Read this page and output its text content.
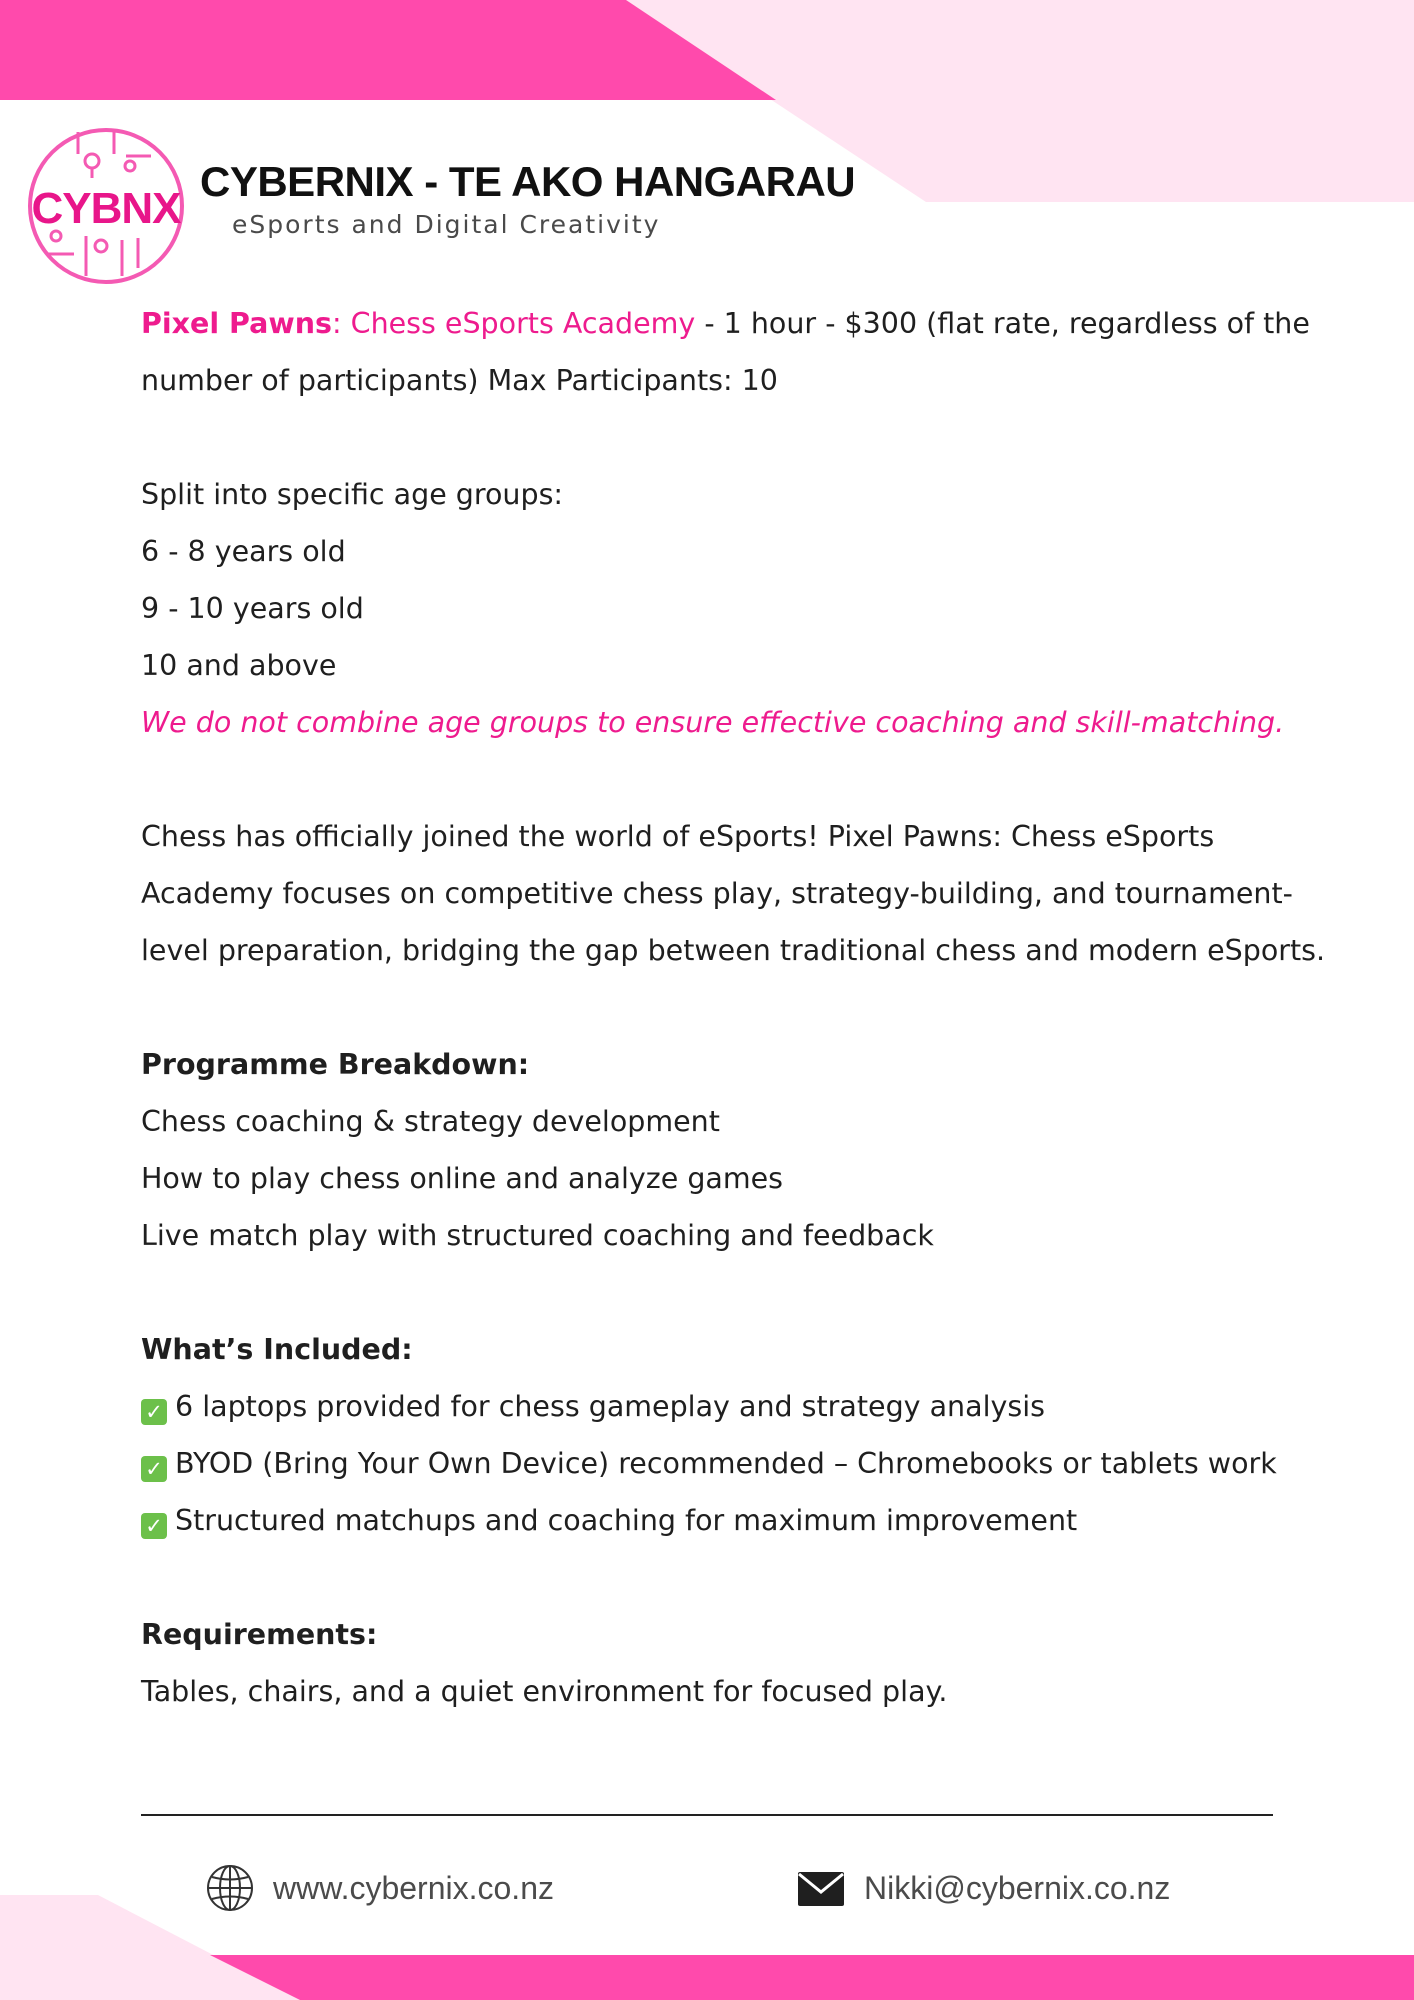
CYBNX
CYBERNIX - TE AKO HANGARAU
eSports and Digital Creativity
Pixel Pawns: Chess eSports Academy - 1 hour - $300 (flat rate, regardless of the
number of participants) Max Participants: 10
Split into specific age groups:
6 - 8 years old
9 - 10 years old
10 and above
We do not combine age groups to ensure effective coaching and skill-matching.
Chess has officially joined the world of eSports! Pixel Pawns: Chess eSports
Academy focuses on competitive chess play, strategy-building, and tournament-
level preparation, bridging the gap between traditional chess and modern eSports.
Programme Breakdown:
Chess coaching & strategy development
How to play chess online and analyze games
Live match play with structured coaching and feedback
What’s Included:
✓ 6 laptops provided for chess gameplay and strategy analysis
✓ BYOD (Bring Your Own Device) recommended – Chromebooks or tablets work
✓ Structured matchups and coaching for maximum improvement
Requirements:
Tables, chairs, and a quiet environment for focused play.
www.cybernix.co.nz	Nikki@cybernix.co.nz
